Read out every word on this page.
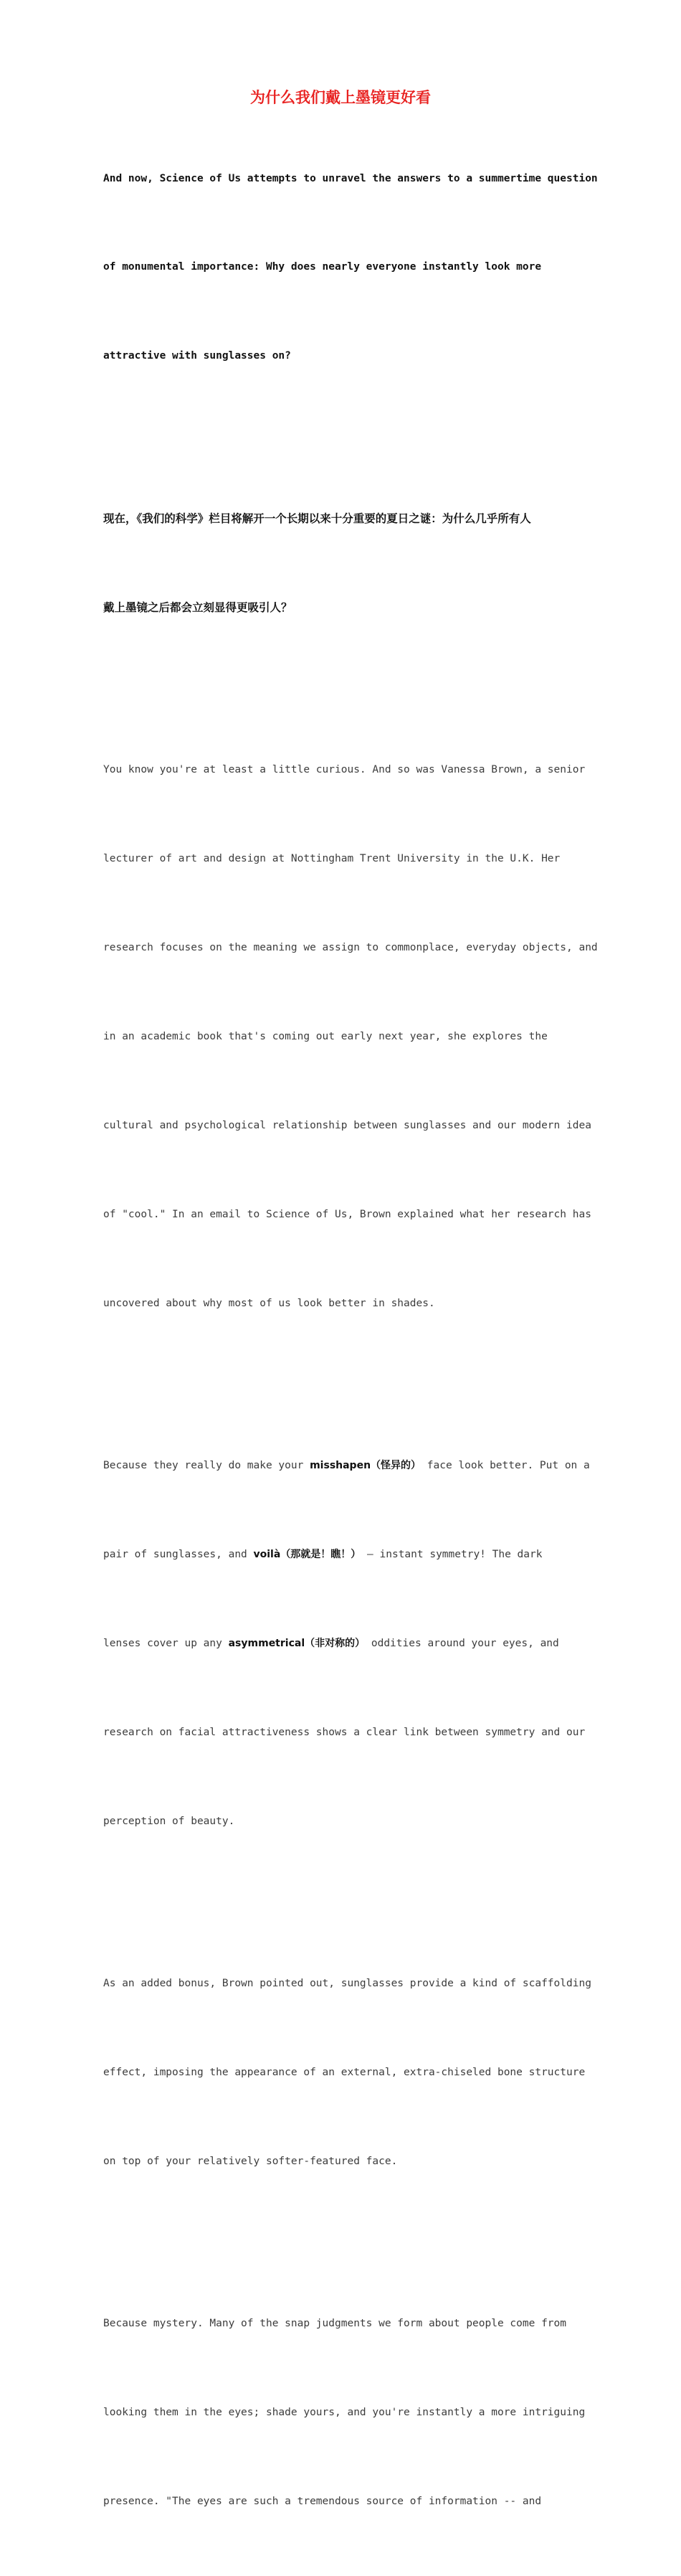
为什么我们戴上墨镜更好看

And now, Science of Us attempts to unravel the answers to a summertime question

of monumental importance: Why does nearly everyone instantly look more

attractive with sunglasses on?

现在，《我们的科学》栏目将解开一个长期以来十分重要的夏日之谜：为什么几乎所有人

戴上墨镜之后都会立刻显得更吸引人？

You know you're at least a little curious. And so was Vanessa Brown, a senior

lecturer of art and design at Nottingham Trent University in the U.K. Her

research focuses on the meaning we assign to commonplace, everyday objects, and

in an academic book that's coming out early next year, she explores the

cultural and psychological relationship between sunglasses and our modern idea

of "cool." In an email to Science of Us, Brown explained what her research has

uncovered about why most of us look better in shades.

Because they really do make your misshapen（怪异的） face look better. Put on a

pair of sunglasses, and voilà（那就是！瞧！） – instant symmetry! The dark

lenses cover up any asymmetrical（非对称的） oddities around your eyes, and

research on facial attractiveness shows a clear link between symmetry and our

perception of beauty.

As an added bonus, Brown pointed out, sunglasses provide a kind of scaffolding

effect, imposing the appearance of an external, extra-chiseled bone structure

on top of your relatively softer-featured face.

Because mystery. Many of the snap judgments we form about people come from

looking them in the eyes; shade yours, and you're instantly a more intriguing

presence. "The eyes are such a tremendous source of information -- and
